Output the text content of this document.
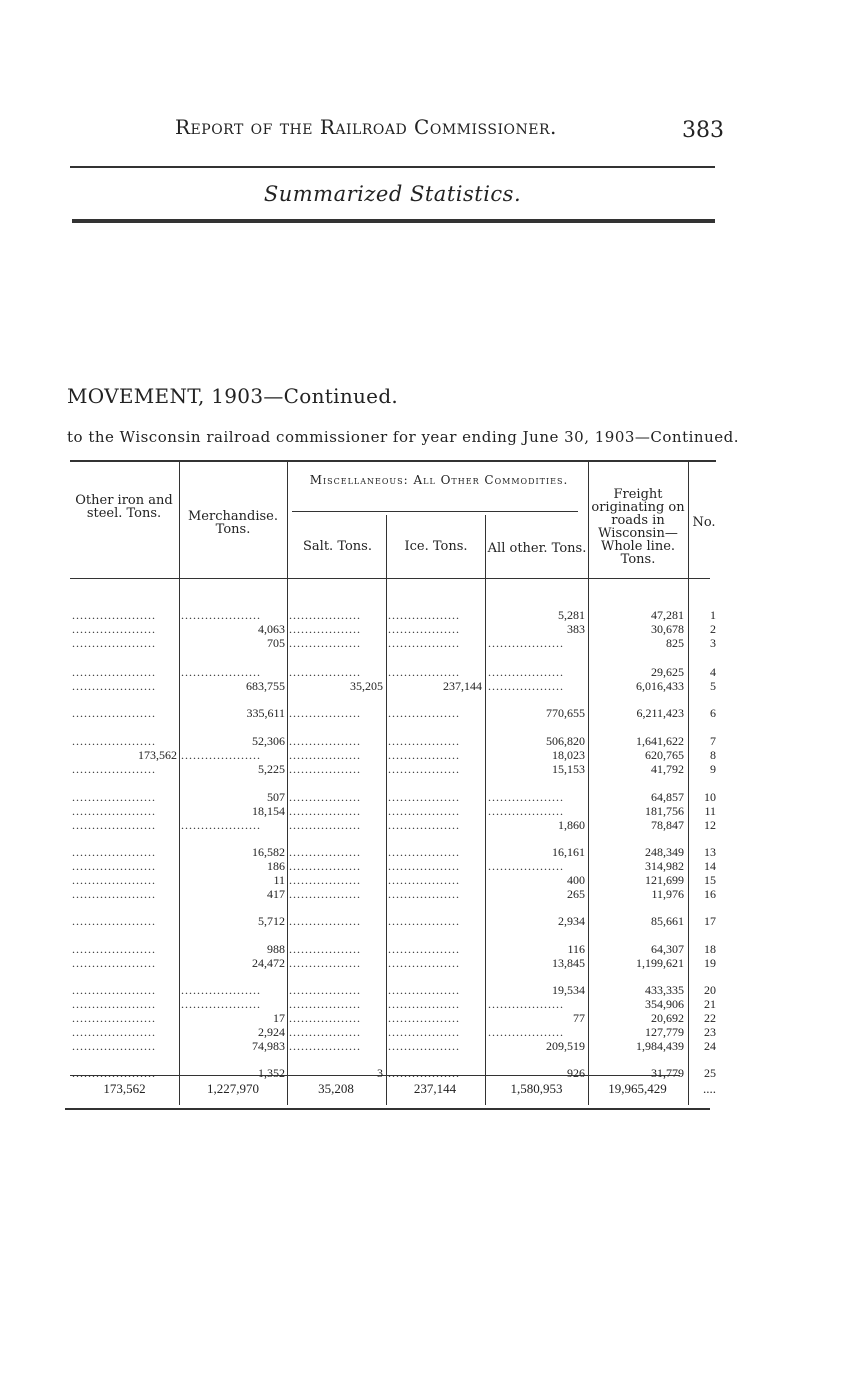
Report of the Railroad Commissioner.	383
Summarized Statistics.
MOVEMENT, 1903—Continued.
to the Wisconsin railroad commissioner for year ending June 30, 1903—Continued.
Other iron and steel. Tons.	Merchandise. Tons.
Miscellaneous: All Other Commodities.
Salt. Tons.	Ice. Tons.	All other. Tons.
Freight originating on roads in Wisconsin— Whole line. Tons.
No.
.....................	....................	..................	..................	5,281	47,281	1
.....................	4,063 ..................	..................	383	30,678	2
.....................	705 ..................	..................	...................	825	3
.....................	....................	..................	..................	...................	29,625	4
.....................	683,755	35,205	237,144 ...................	6,016,433	5
.....................	335,611 ..................	..................	770,655	6,211,423	6
.....................	52,306 ..................	..................	506,820	1,641,622	7
173,562 ....................	..................	..................	18,023	620,765	8
.....................	5,225 ..................	..................	15,153	41,792	9
.....................	507 ..................	..................	...................	64,857	10
.....................	18,154 ..................	..................	...................	181,756	11
.....................	....................	..................	..................	1,860	78,847	12
.....................	16,582 ..................	..................	16,161	248,349	13
.....................	186 ..................	..................	...................	314,982	14
.....................	11 ..................	..................	400	121,699	15
.....................	417 ..................	..................	265	11,976	16
.....................	5,712 ..................	..................	2,934	85,661	17
.....................	988 ..................	..................	116	64,307	18
.....................	24,472 ..................	..................	13,845	1,199,621	19
.....................	....................	..................	..................	19,534	433,335	20
.....................	....................	..................	..................	...................	354,906	21
.....................	17 ..................	..................	77	20,692	22
.....................	2,924 ..................	..................	...................	127,779	23
.....................	74,983 ..................	..................	209,519	1,984,439	24
.....................	1,352	3 ..................	926	31,779	25
173,562	1,227,970	35,208	237,144	1,580,953	19,965,429	....
